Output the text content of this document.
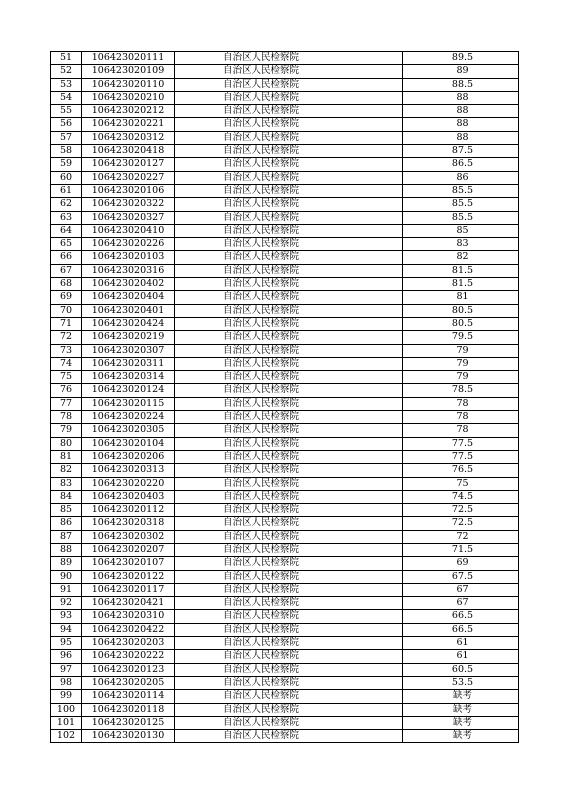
51	106423020111	自治区人民检察院	89.5
52	106423020109	自治区人民检察院	89
53	106423020110	自治区人民检察院	88.5
54	106423020210	自治区人民检察院	88
55	106423020212	自治区人民检察院	88
56	106423020221	自治区人民检察院	88
57	106423020312	自治区人民检察院	88
58	106423020418	自治区人民检察院	87.5
59	106423020127	自治区人民检察院	86.5
60	106423020227	自治区人民检察院	86
61	106423020106	自治区人民检察院	85.5
62	106423020322	自治区人民检察院	85.5
63	106423020327	自治区人民检察院	85.5
64	106423020410	自治区人民检察院	85
65	106423020226	自治区人民检察院	83
66	106423020103	自治区人民检察院	82
67	106423020316	自治区人民检察院	81.5
68	106423020402	自治区人民检察院	81.5
69	106423020404	自治区人民检察院	81
70	106423020401	自治区人民检察院	80.5
71	106423020424	自治区人民检察院	80.5
72	106423020219	自治区人民检察院	79.5
73	106423020307	自治区人民检察院	79
74	106423020311	自治区人民检察院	79
75	106423020314	自治区人民检察院	79
76	106423020124	自治区人民检察院	78.5
77	106423020115	自治区人民检察院	78
78	106423020224	自治区人民检察院	78
79	106423020305	自治区人民检察院	78
80	106423020104	自治区人民检察院	77.5
81	106423020206	自治区人民检察院	77.5
82	106423020313	自治区人民检察院	76.5
83	106423020220	自治区人民检察院	75
84	106423020403	自治区人民检察院	74.5
85	106423020112	自治区人民检察院	72.5
86	106423020318	自治区人民检察院	72.5
87	106423020302	自治区人民检察院	72
88	106423020207	自治区人民检察院	71.5
89	106423020107	自治区人民检察院	69
90	106423020122	自治区人民检察院	67.5
91	106423020117	自治区人民检察院	67
92	106423020421	自治区人民检察院	67
93	106423020310	自治区人民检察院	66.5
94	106423020422	自治区人民检察院	66.5
95	106423020203	自治区人民检察院	61
96	106423020222	自治区人民检察院	61
97	106423020123	自治区人民检察院	60.5
98	106423020205	自治区人民检察院	53.5
99	106423020114	自治区人民检察院	缺考
100	106423020118	自治区人民检察院	缺考
101	106423020125	自治区人民检察院	缺考
102	106423020130	自治区人民检察院	缺考
